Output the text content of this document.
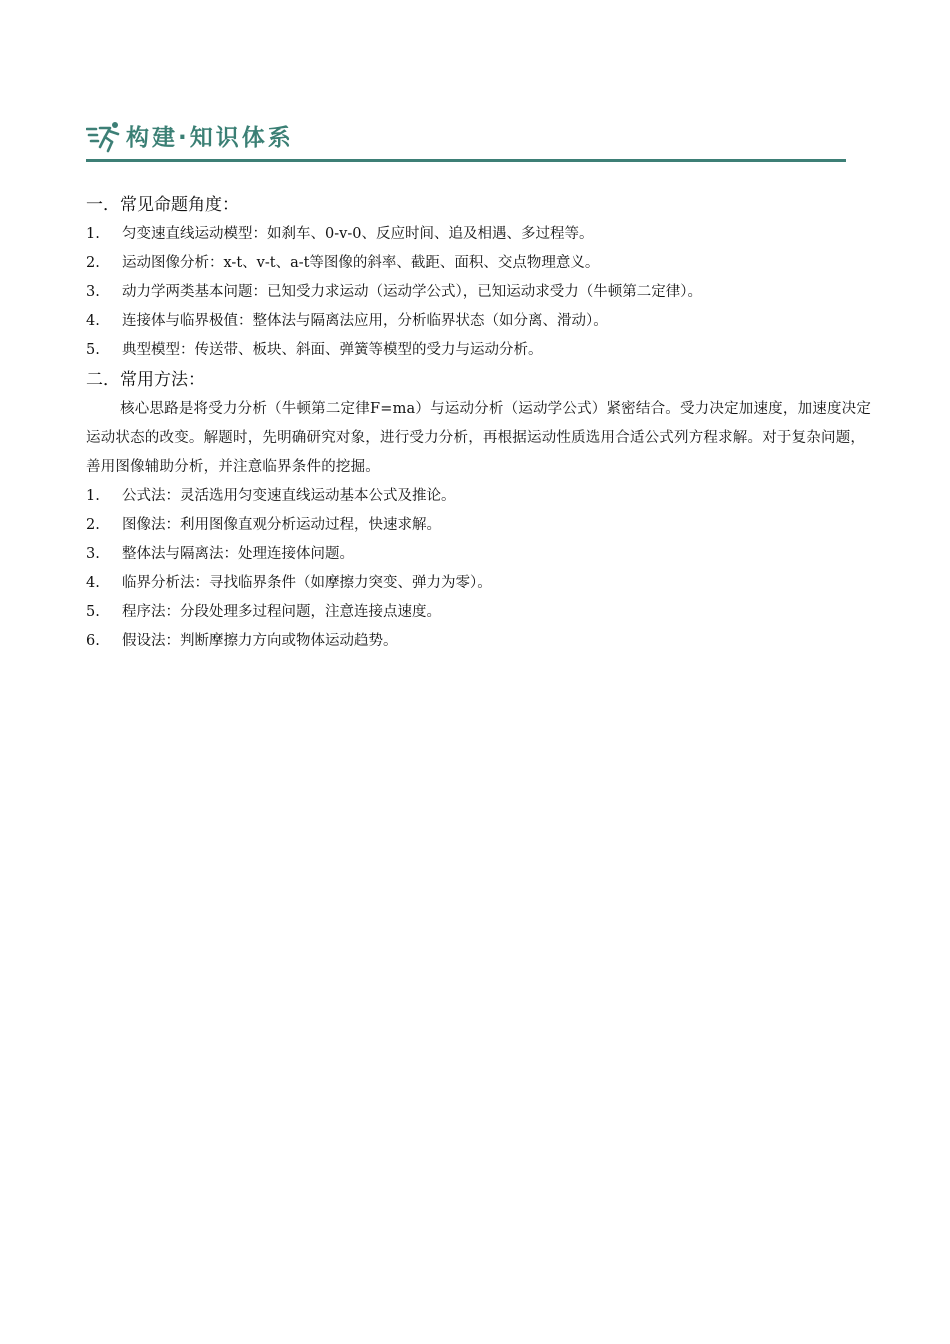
构建·知识体系
一．常见命题角度：
1. 匀变速直线运动模型：如刹车、0-v-0、反应时间、追及相遇、多过程等。
2. 运动图像分析：x-t、v-t、a-t等图像的斜率、截距、面积、交点物理意义。
3. 动力学两类基本问题：已知受力求运动（运动学公式），已知运动求受力（牛顿第二定律）。
4. 连接体与临界极值：整体法与隔离法应用，分析临界状态（如分离、滑动）。
5. 典型模型：传送带、板块、斜面、弹簧等模型的受力与运动分析。
二．常用方法：

核心思路是将受力分析（牛顿第二定律F=ma）与运动分析（运动学公式）紧密结合。受力决定加速度，加速度决定运动状态的改变。解题时，先明确研究对象，进行受力分析，再根据运动性质选用合适公式列方程求解。对于复杂问题，善用图像辅助分析，并注意临界条件的挖掘。

1. 公式法：灵活选用匀变速直线运动基本公式及推论。
2. 图像法：利用图像直观分析运动过程，快速求解。
3. 整体法与隔离法：处理连接体问题。
4. 临界分析法：寻找临界条件（如摩擦力突变、弹力为零）。
5. 程序法：分段处理多过程问题，注意连接点速度。
6. 假设法：判断摩擦力方向或物体运动趋势。
